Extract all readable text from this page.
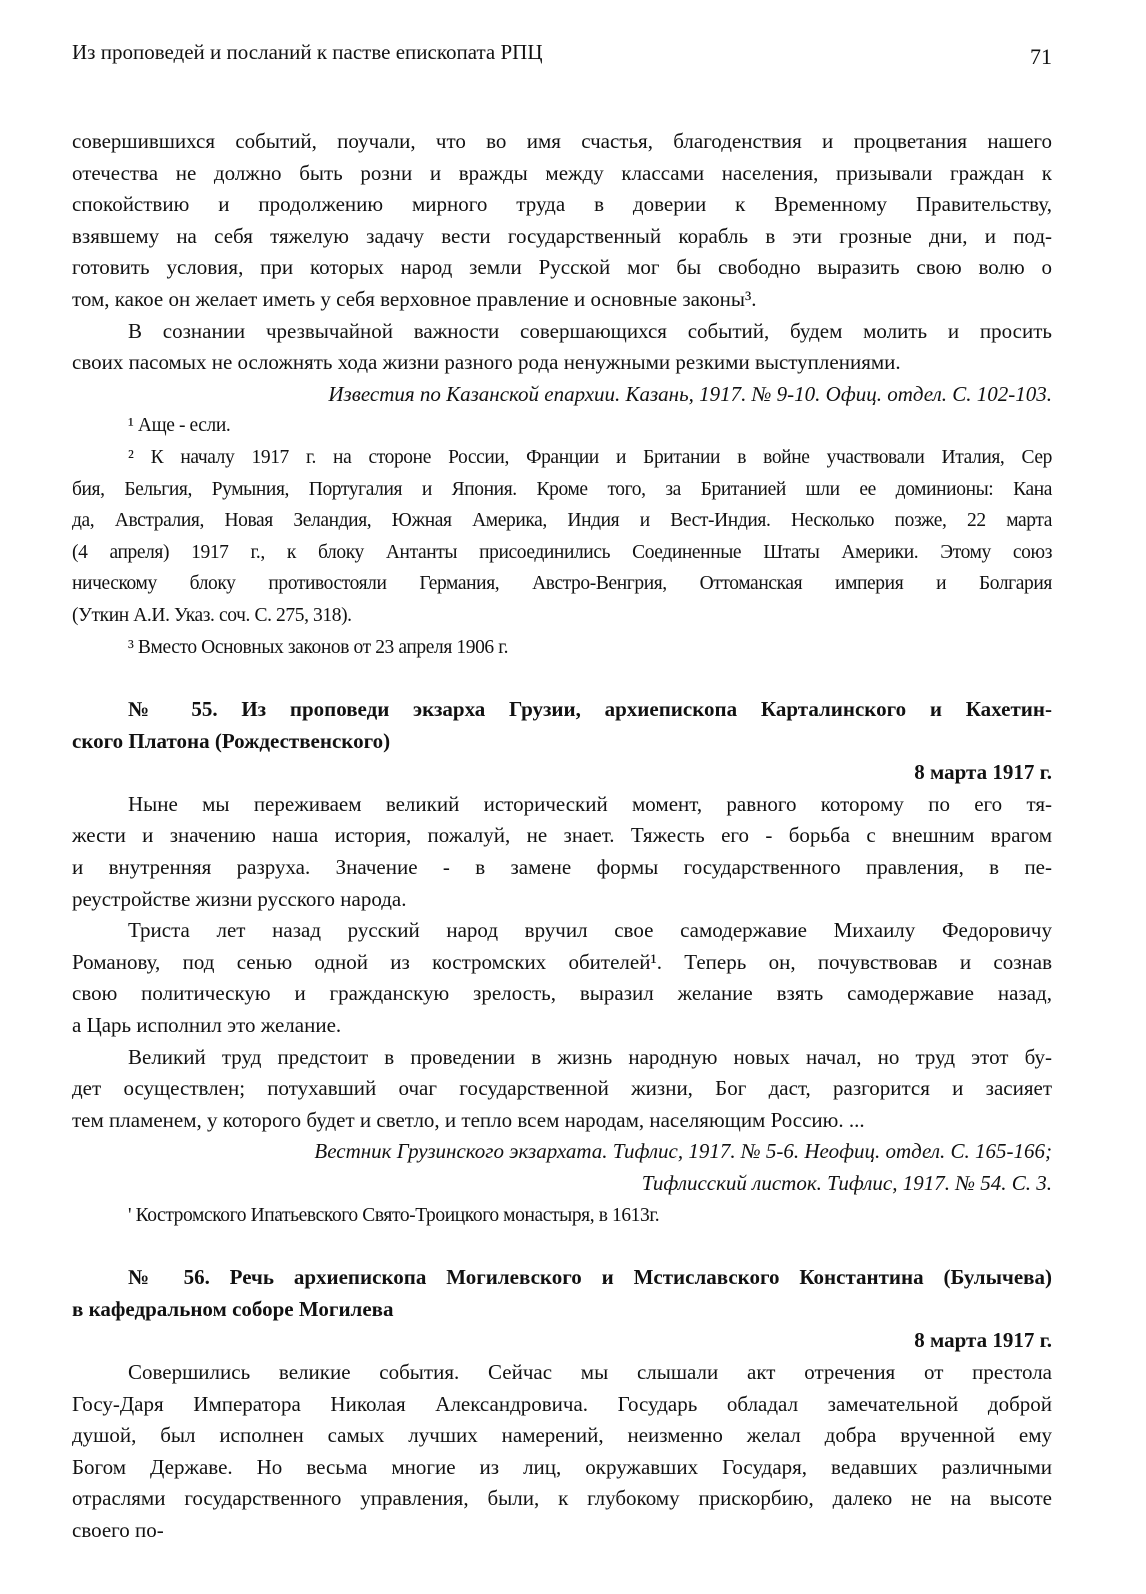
Из проповедей и посланий к пастве епископата РПЦ	71
совершившихся событий, поучали, что во имя счастья, благоденствия и процветания нашего
отечества не должно быть розни и вражды между классами населения, призывали граждан к
спокойствию и продолжению мирного труда в доверии к Временному Правительству,
взявшему на себя тяжелую задачу вести государственный корабль в эти грозные дни, и под-
готовить условия, при которых народ земли Русской мог бы свободно выразить свою волю о
том, какое он желает иметь у себя верховное правление и основные законы³.
В сознании чрезвычайной важности совершающихся событий, будем молить и просить
своих пасомых не осложнять хода жизни разного рода ненужными резкими выступлениями.
Известия по Казанской епархии. Казань, 1917. № 9-10. Офиц. отдел. С. 102-103.
¹ Аще - если.
² К началу 1917 г. на стороне России, Франции и Британии в войне участвовали Италия, Сер
бия, Бельгия, Румыния, Португалия и Япония. Кроме того, за Британией шли ее доминионы: Кана
да, Австралия, Новая Зеландия, Южная Америка, Индия и Вест-Индия. Несколько позже, 22 марта
(4 апреля) 1917 г., к блоку Антанты присоединились Соединенные Штаты Америки. Этому союз
ническому блоку противостояли Германия, Австро-Венгрия, Оттоманская империя и Болгария
(Уткин А.И. Указ. соч. С. 275, 318).
³ Вместо Основных законов от 23 апреля 1906 г.
№ 55. Из проповеди экзарха Грузии, архиепископа Карталинского и Кахетин-
ского Платона (Рождественского)
8 марта 1917 г.
Ныне мы переживаем великий исторический момент, равного которому по его тя-
жести и значению наша история, пожалуй, не знает. Тяжесть его - борьба с внешним врагом
и внутренняя разруха. Значение - в замене формы государственного правления, в пе-
реустройстве жизни русского народа.
Триста лет назад русский народ вручил свое самодержавие Михаилу Федоровичу
Романову, под сенью одной из костромских обителей¹. Теперь он, почувствовав и сознав
свою политическую и гражданскую зрелость, выразил желание взять самодержавие назад,
а Царь исполнил это желание.
Великий труд предстоит в проведении в жизнь народную новых начал, но труд этот бу-
дет осуществлен; потухавший очаг государственной жизни, Бог даст, разгорится и засияет
тем пламенем, у которого будет и светло, и тепло всем народам, населяющим Россию. ...
Вестник Грузинского экзархата. Тифлис, 1917. № 5-6. Неофиц. отдел. С. 165-166;
Тифлисский листок. Тифлис, 1917. № 54. С. 3.
' Костромского Ипатьевского Свято-Троицкого монастыря, в 1613г.
№ 56. Речь архиепископа Могилевского и Мстиславского Константина (Булычева)
в кафедральном соборе Могилева
8 марта 1917 г.
Совершились великие события. Сейчас мы слышали акт отречения от престола
Госу-Даря Императора Николая Александровича. Государь обладал замечательной доброй
душой, был исполнен самых лучших намерений, неизменно желал добра врученной ему
Богом Державе. Но весьма многие из лиц, окружавших Государя, ведавших различными
отраслями государственного управления, были, к глубокому прискорбию, далеко не на высоте
своего по-
